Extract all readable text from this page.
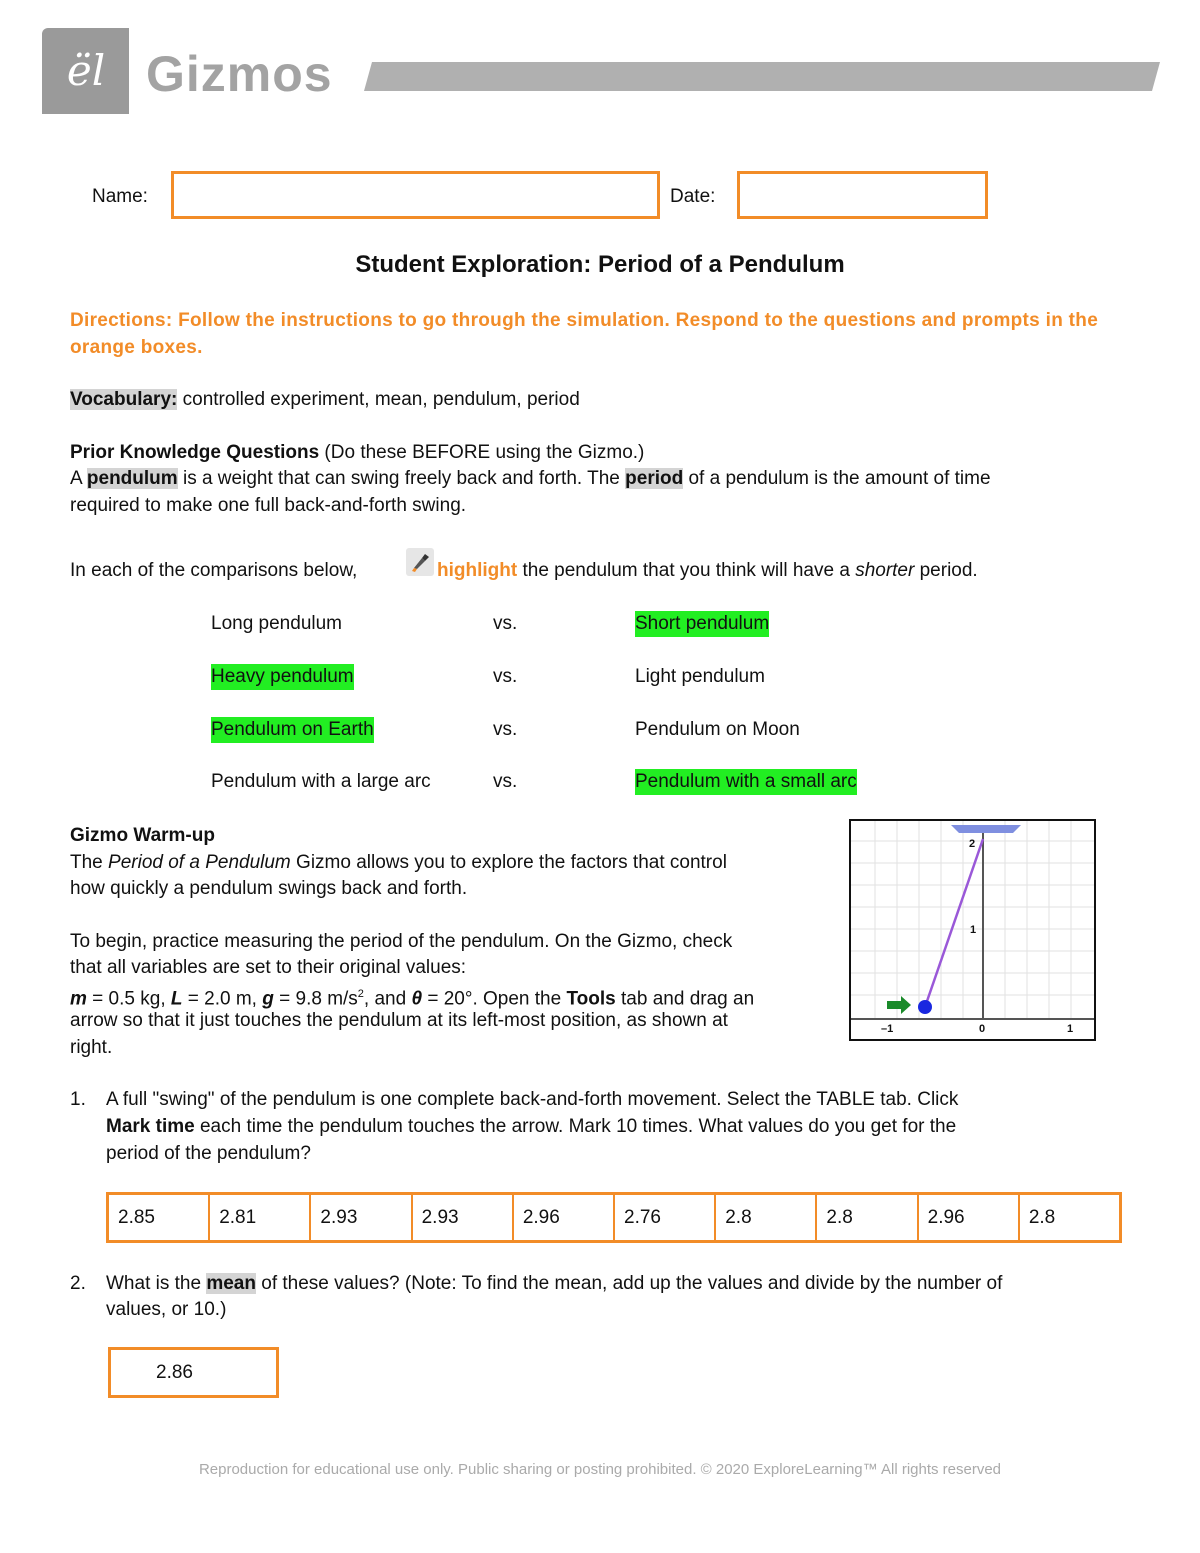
ël Gizmos
Name:	Date:
Student Exploration: Period of a Pendulum
Directions: Follow the instructions to go through the simulation. Respond to the questions and prompts in the orange boxes.
Vocabulary: controlled experiment, mean, pendulum, period
Prior Knowledge Questions (Do these BEFORE using the Gizmo.)
A pendulum is a weight that can swing freely back and forth. The period of a pendulum is the amount of time
required to make one full back-and-forth swing.
In each of the comparisons below,	highlight the pendulum that you think will have a shorter period.
Long pendulum	vs.	Short pendulum
Heavy pendulum	vs.	Light pendulum
Pendulum on Earth	vs.	Pendulum on Moon
Pendulum with a large arc	vs.	Pendulum with a small arc
Gizmo Warm-up
The Period of a Pendulum Gizmo allows you to explore the factors that control
how quickly a pendulum swings back and forth.
To begin, practice measuring the period of the pendulum. On the Gizmo, check
that all variables are set to their original values:
m = 0.5 kg, L = 2.0 m, g = 9.8 $m/s^2$, and θ = 20°. Open the Tools tab and drag an
arrow so that it just touches the pendulum at its left-most position, as shown at
right.
2
1
–1	0	1
1.	A full "swing" of the pendulum is one complete back-and-forth movement. Select the TABLE tab. Click
Mark time each time the pendulum touches the arrow. Mark 10 times. What values do you get for the
period of the pendulum?
2.85	2.81	2.93	2.93	2.96	2.76	2.8	2.8	2.96	2.8
2.	What is the mean of these values? (Note: To find the mean, add up the values and divide by the number of
values, or 10.)
2.86
Reproduction for educational use only. Public sharing or posting prohibited. © 2020 ExploreLearning™ All rights reserved
